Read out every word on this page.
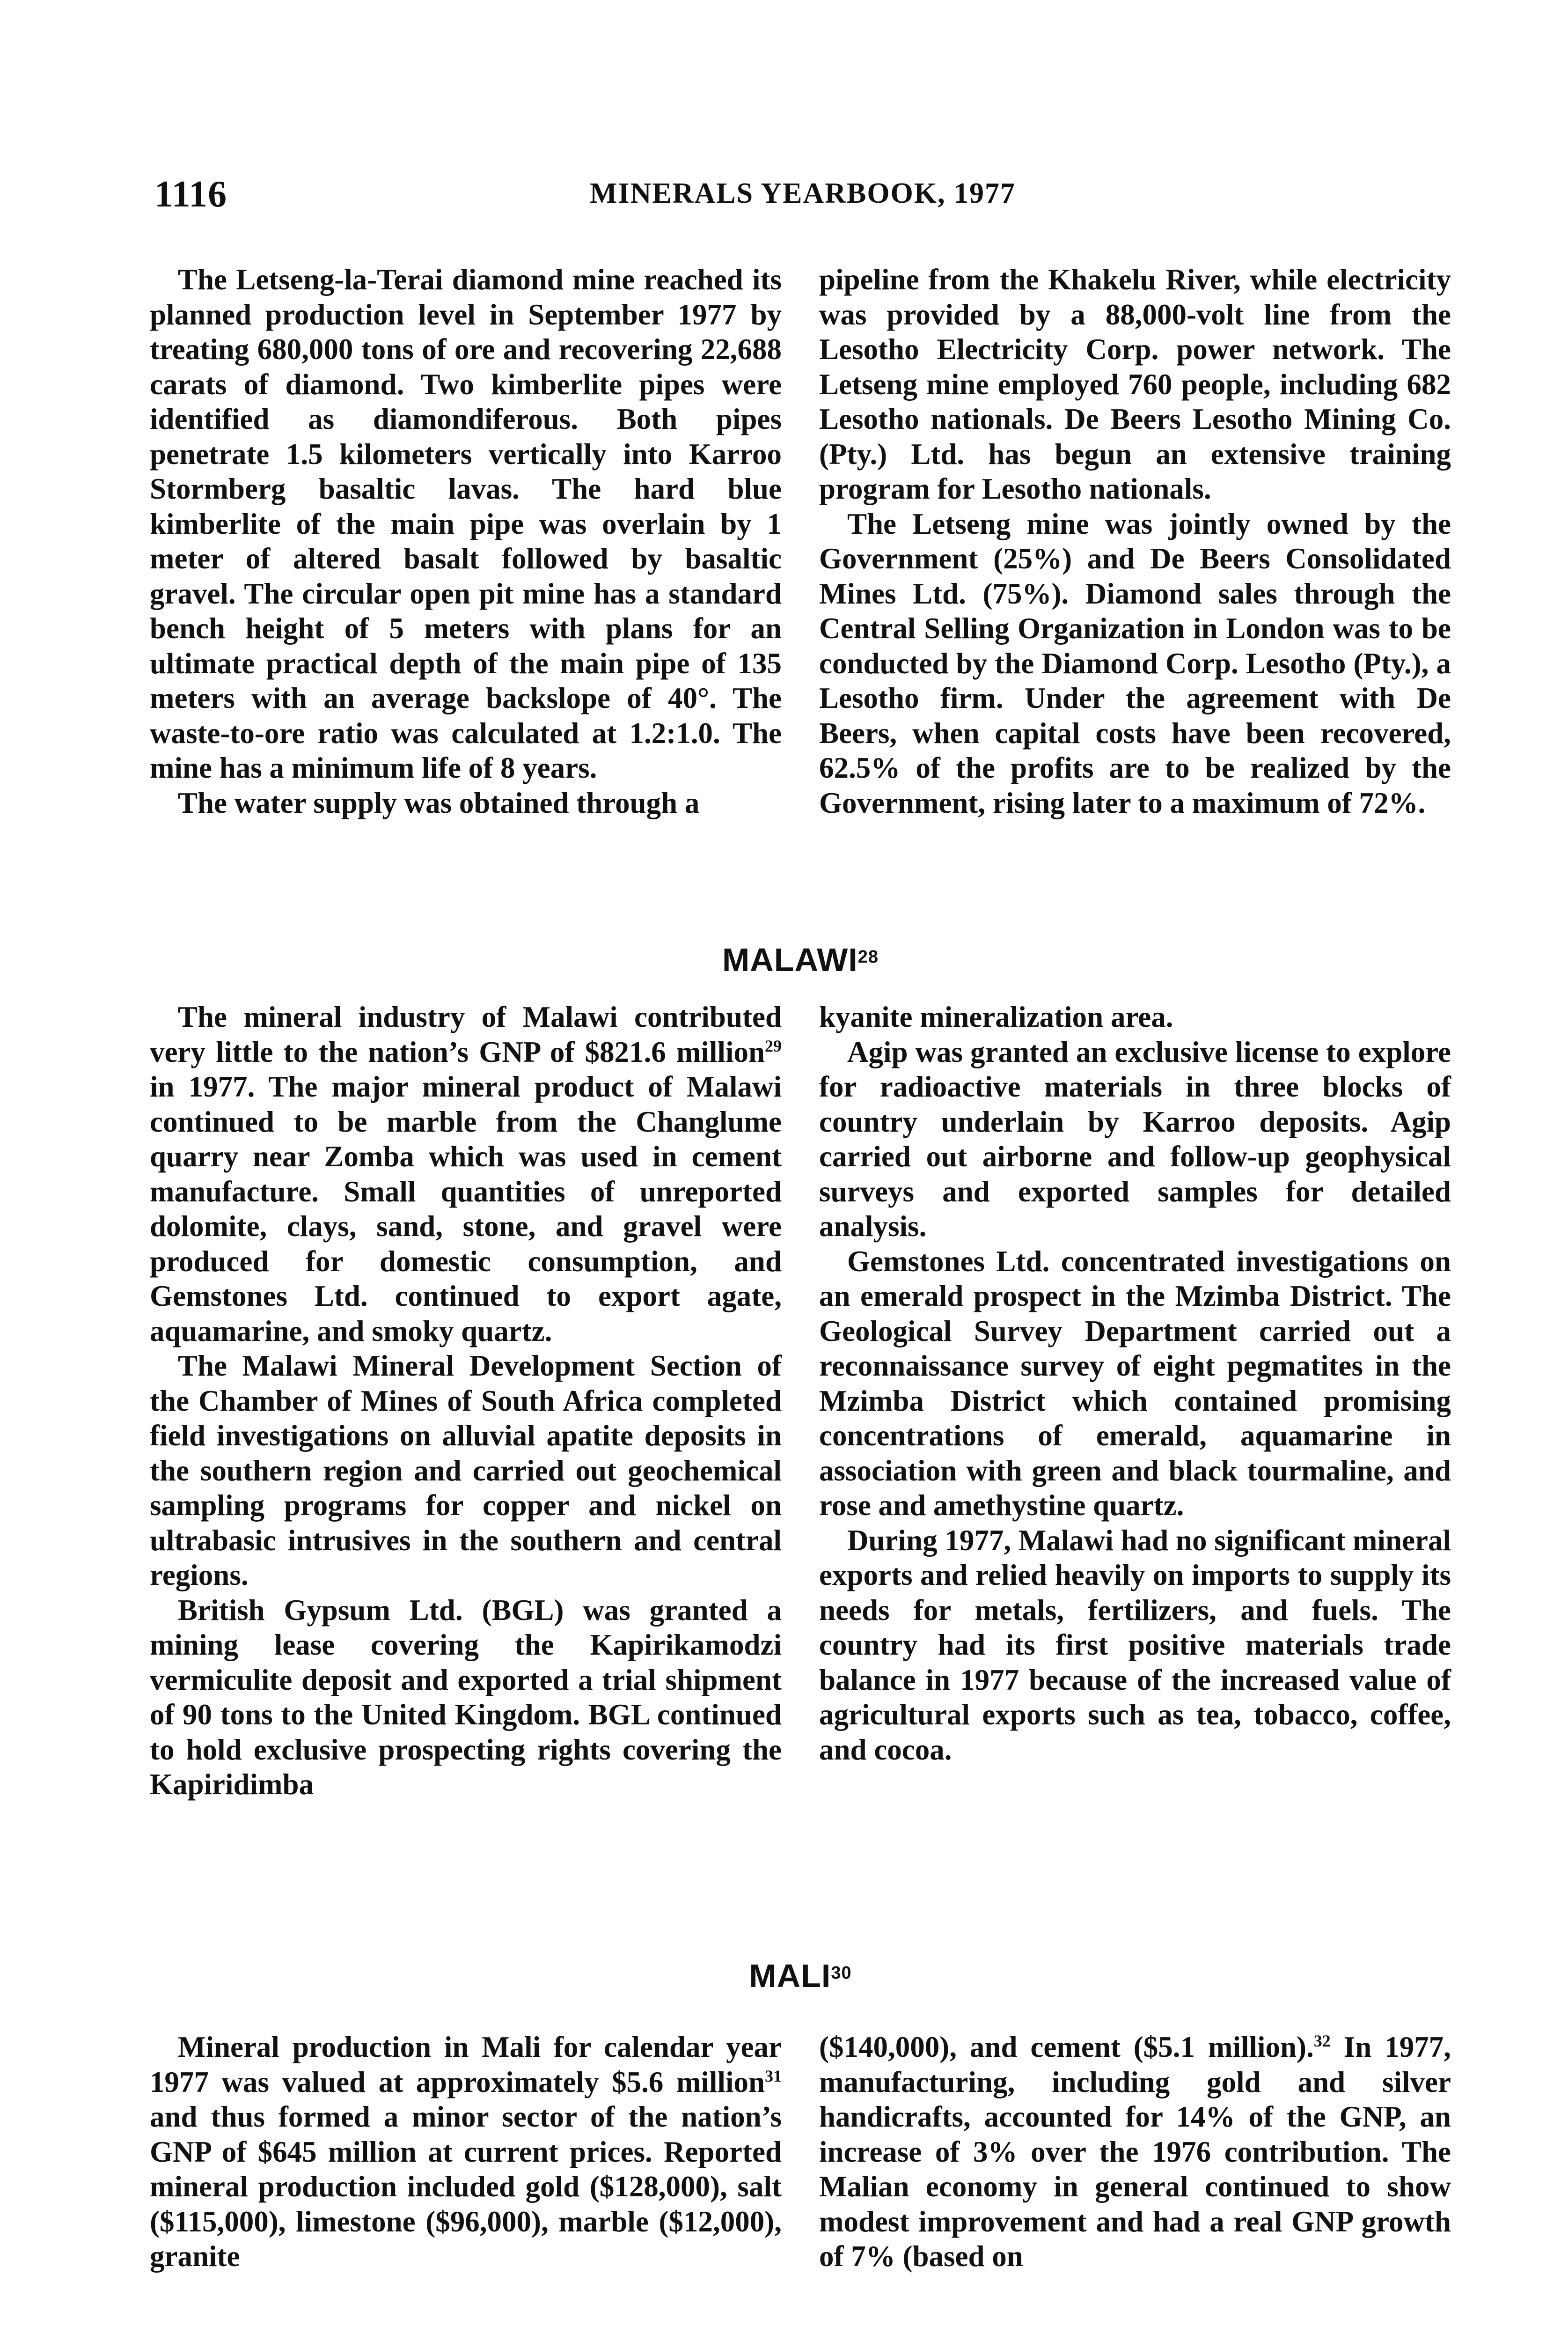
1116	MINERALS YEARBOOK, 1977

The Letseng-la-Terai diamond mine reached its planned production level in September 1977 by treating 680,000 tons of ore and recovering 22,688 carats of diamond. Two kimberlite pipes were identified as diamondiferous. Both pipes penetrate 1.5 kilometers vertically into Karroo Stormberg basaltic lavas. The hard blue kimberlite of the main pipe was overlain by 1 meter of altered basalt followed by basaltic gravel. The circular open pit mine has a standard bench height of 5 meters with plans for an ultimate practical depth of the main pipe of 135 meters with an average backslope of 40°. The waste-to-ore ratio was calculated at 1.2:1.0. The mine has a minimum life of 8 years.

The water supply was obtained through a

pipeline from the Khakelu River, while electricity was provided by a 88,000-volt line from the Lesotho Electricity Corp. power network. The Letseng mine employed 760 people, including 682 Lesotho nationals. De Beers Lesotho Mining Co. (Pty.) Ltd. has begun an extensive training program for Lesotho nationals.

The Letseng mine was jointly owned by the Government (25%) and De Beers Consolidated Mines Ltd. (75%). Diamond sales through the Central Selling Organization in London was to be conducted by the Diamond Corp. Lesotho (Pty.), a Lesotho firm. Under the agreement with De Beers, when capital costs have been recovered, 62.5% of the profits are to be realized by the Government, rising later to a maximum of 72%.

MALAWI$^{28}$

The mineral industry of Malawi contributed very little to the nation’s GNP of $821.6 million$^{29}$ in 1977. The major mineral product of Malawi continued to be marble from the Changlume quarry near Zomba which was used in cement manufacture. Small quantities of unreported dolomite, clays, sand, stone, and gravel were produced for domestic consumption, and Gemstones Ltd. continued to export agate, aquamarine, and smoky quartz.

The Malawi Mineral Development Section of the Chamber of Mines of South Africa completed field investigations on alluvial apatite deposits in the southern region and carried out geochemical sampling programs for copper and nickel on ultrabasic intrusives in the southern and central regions.

British Gypsum Ltd. (BGL) was granted a mining lease covering the Kapirikamodzi vermiculite deposit and exported a trial shipment of 90 tons to the United Kingdom. BGL continued to hold exclusive prospecting rights covering the Kapiridimba

kyanite mineralization area.

Agip was granted an exclusive license to explore for radioactive materials in three blocks of country underlain by Karroo deposits. Agip carried out airborne and follow-up geophysical surveys and exported samples for detailed analysis.

Gemstones Ltd. concentrated investigations on an emerald prospect in the Mzimba District. The Geological Survey Department carried out a reconnaissance survey of eight pegmatites in the Mzimba District which contained promising concentrations of emerald, aquamarine in association with green and black tourmaline, and rose and amethystine quartz.

During 1977, Malawi had no significant mineral exports and relied heavily on imports to supply its needs for metals, fertilizers, and fuels. The country had its first positive materials trade balance in 1977 because of the increased value of agricultural exports such as tea, tobacco, coffee, and cocoa.

MALI$^{30}$

Mineral production in Mali for calendar year 1977 was valued at approximately $5.6 million$^{31}$ and thus formed a minor sector of the nation’s GNP of $645 million at current prices. Reported mineral production included gold ($128,000), salt ($115,000), limestone ($96,000), marble ($12,000), granite

($140,000), and cement ($5.1 million).$^{32}$ In 1977, manufacturing, including gold and silver handicrafts, accounted for 14% of the GNP, an increase of 3% over the 1976 contribution. The Malian economy in general continued to show modest improvement and had a real GNP growth of 7% (based on
